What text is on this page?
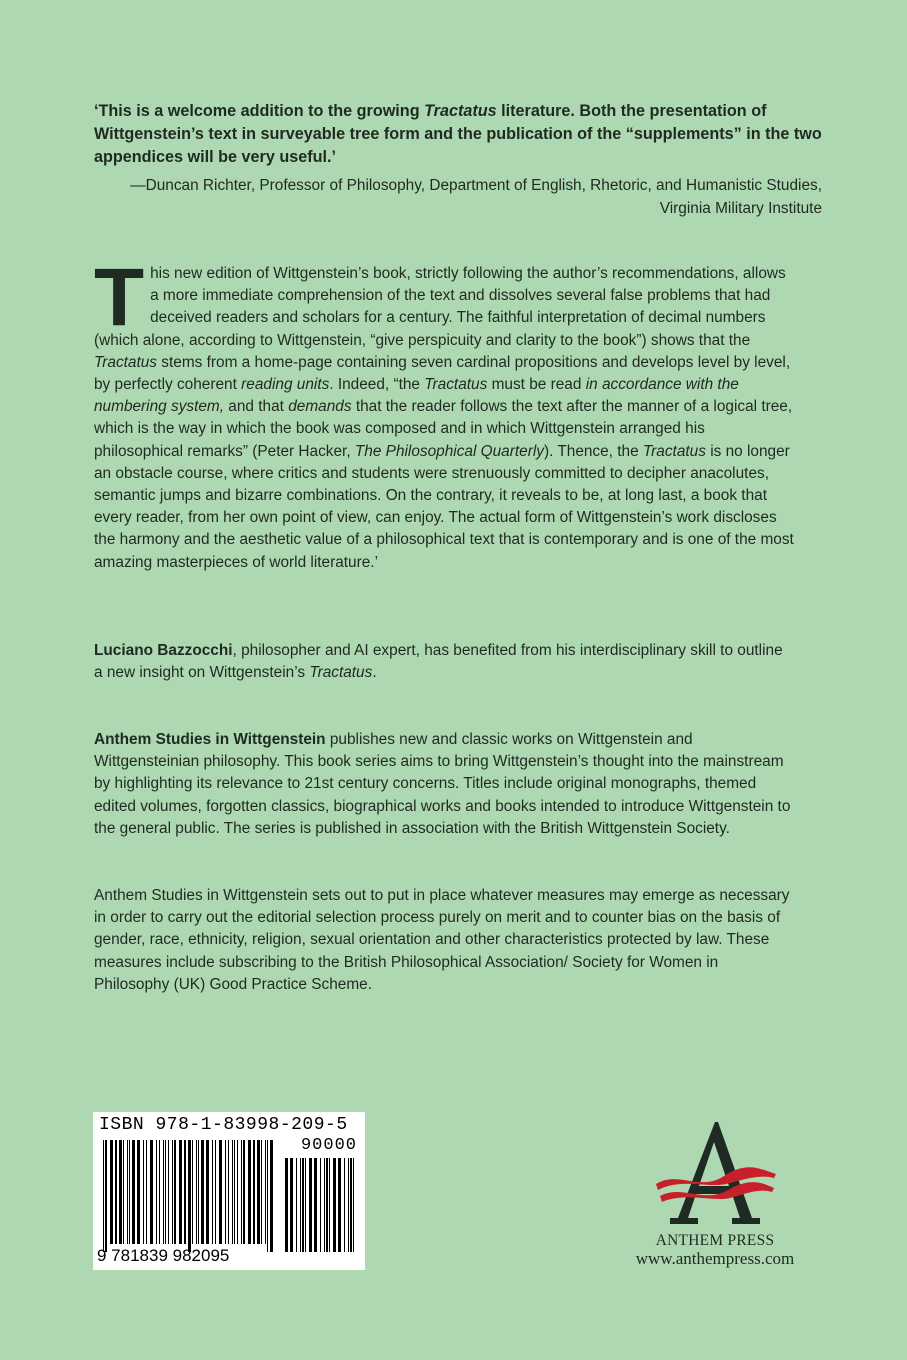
‘This is a welcome addition to the growing Tractatus literature. Both the presentation of Wittgenstein’s text in surveyable tree form and the publication of the “supplements” in the two appendices will be very useful.’

—Duncan Richter, Professor of Philosophy, Department of English, Rhetoric, and Humanistic Studies, Virginia Military Institute

This new edition of Wittgenstein’s book, strictly following the author’s recommendations, allows a more immediate comprehension of the text and dissolves several false problems that had deceived readers and scholars for a century. The faithful interpretation of decimal numbers (which alone, according to Wittgenstein, “give perspicuity and clarity to the book”) shows that the Tractatus stems from a home-page containing seven cardinal propositions and develops level by level, by perfectly coherent reading units. Indeed, “the Tractatus must be read in accordance with the numbering system, and that demands that the reader follows the text after the manner of a logical tree, which is the way in which the book was composed and in which Wittgenstein arranged his philosophical remarks” (Peter Hacker, The Philosophical Quarterly). Thence, the Tractatus is no longer an obstacle course, where critics and students were strenuously committed to decipher anacolutes, semantic jumps and bizarre combinations. On the contrary, it reveals to be, at long last, a book that every reader, from her own point of view, can enjoy. The actual form of Wittgenstein’s work discloses the harmony and the aesthetic value of a philosophical text that is contemporary and is one of the most amazing masterpieces of world literature.’

Luciano Bazzocchi, philosopher and AI expert, has benefited from his interdisciplinary skill to outline a new insight on Wittgenstein’s Tractatus.

Anthem Studies in Wittgenstein publishes new and classic works on Wittgenstein and Wittgensteinian philosophy. This book series aims to bring Wittgenstein’s thought into the mainstream by highlighting its relevance to 21st century concerns. Titles include original monographs, themed edited volumes, forgotten classics, biographical works and books intended to introduce Wittgenstein to the general public. The series is published in association with the British Wittgenstein Society.

Anthem Studies in Wittgenstein sets out to put in place whatever measures may emerge as necessary in order to carry out the editorial selection process purely on merit and to counter bias on the basis of gender, race, ethnicity, religion, sexual orientation and other characteristics protected by law. These measures include subscribing to the British Philosophical Association/ Society for Women in Philosophy (UK) Good Practice Scheme.

ISBN 978-1-83998-209-5
90000
9 781839 982095
ANTHEM PRESS
www.anthempress.com
